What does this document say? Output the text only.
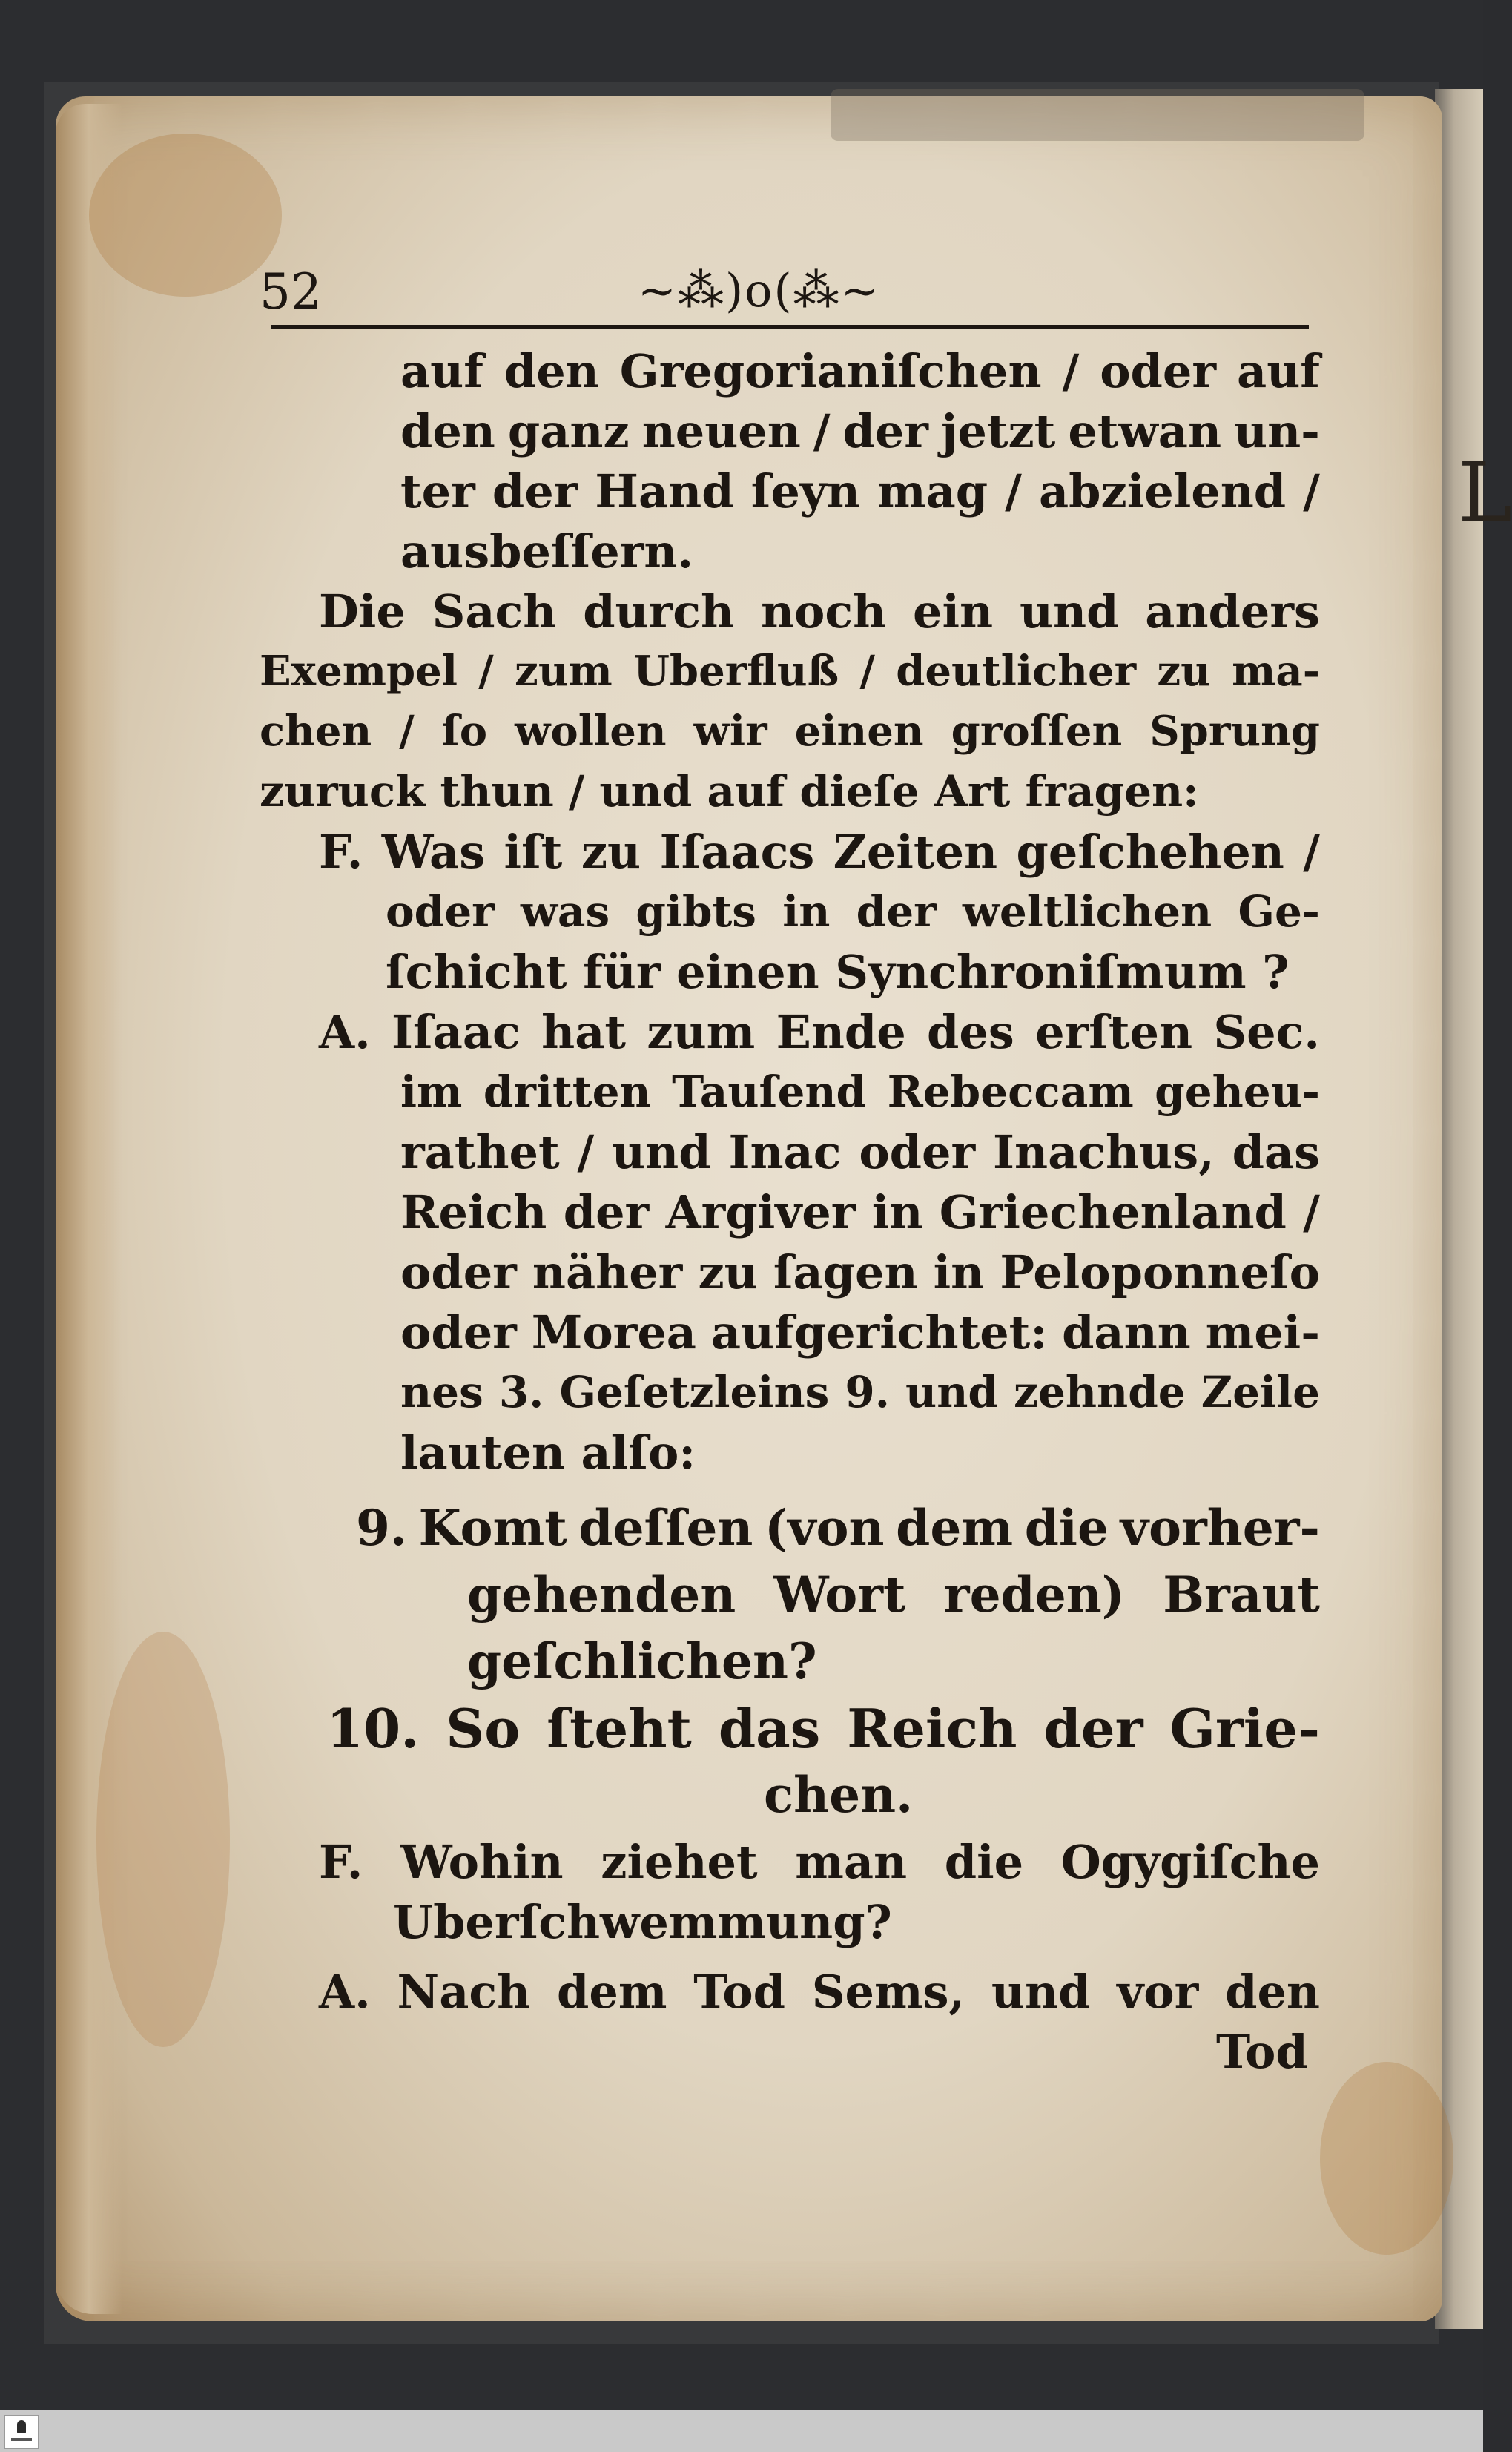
L
52	~⁂)o(⁂~
auf den Gregorianiſchen / oder auf
den ganz neuen / der jetzt etwan un-
ter der Hand ſeyn mag / abzielend /
ausbeſſern.
Die Sach durch noch ein und anders
Exempel / zum Uberfluß / deutlicher zu ma-
chen / ſo wollen wir einen groſſen Sprung
zuruck thun / und auf dieſe Art fragen:
F. Was iſt zu Iſaacs Zeiten geſchehen /
oder was gibts in der weltlichen Ge-
ſchicht für einen Synchroniſmum ?
A. Iſaac hat zum Ende des erſten Sec.
im dritten Tauſend Rebeccam geheu-
rathet / und Inac oder Inachus, das
Reich der Argiver in Griechenland /
oder näher zu ſagen in Peloponneſo
oder Morea aufgerichtet: dann mei-
nes 3. Geſetzleins 9. und zehnde Zeile
lauten alſo:
9. Komt deſſen (von dem die vorher-
gehenden Wort reden) Braut
geſchlichen?
10. So ſteht das Reich der Grie-
chen.
F. Wohin ziehet man die Ogygiſche
Uberſchwemmung?
A. Nach dem Tod Sems, und vor den
Tod
